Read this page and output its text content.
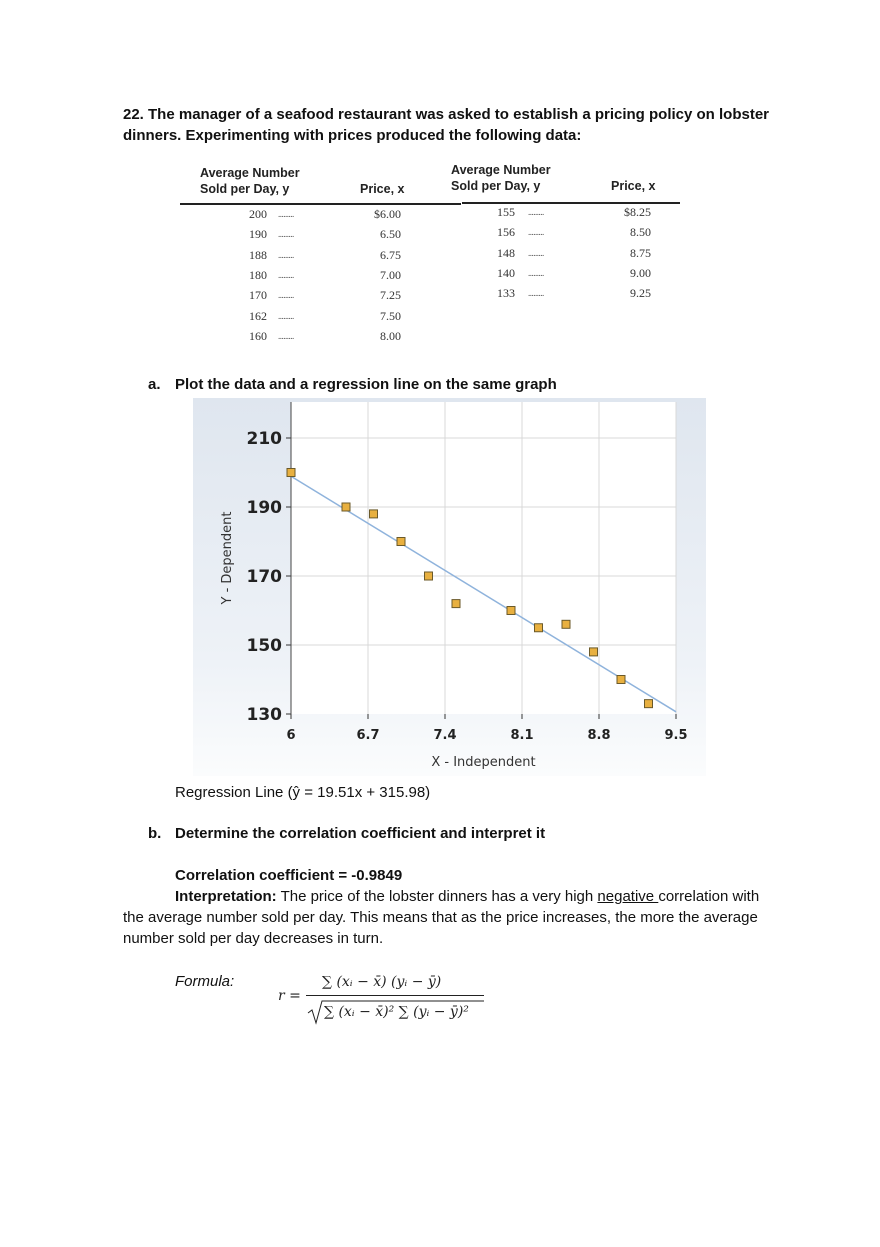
22. The manager of a seafood restaurant was asked to establish a pricing policy on lobster dinners. Experimenting with prices produced the following data:
Average Number
Sold per Day, y	Price, x
Average Number
Sold per Day, y	Price, x
200 .........	$6.00
190 .........	6.50
188 .........	6.75
180 .........	7.00
170 .........	7.25
162 .........	7.50
160 .........	8.00
155 .........	$8.25
156 .........	8.50
148 .........	8.75
140 .........	9.00
133 .........	9.25
a. Plot the data and a regression line on the same graph
6	6.7	7.4	8.1	8.8	9.5
130
150
170
190
210
X - Independent
Y - Dependent
Regression Line (ŷ = 19.51x + 315.98)
b. Determine the correlation coefficient and interpret it
Correlation coefficient = -0.9849
Interpretation: The price of the lobster dinners has a very high negative correlation with the average number sold per day. This means that as the price increases, the more the average number sold per day decreases in turn.
Formula:
r =
∑ (xᵢ − x̄) (yᵢ − ȳ)
∑ (xᵢ − x̄)² ∑ (yᵢ − ȳ)²
